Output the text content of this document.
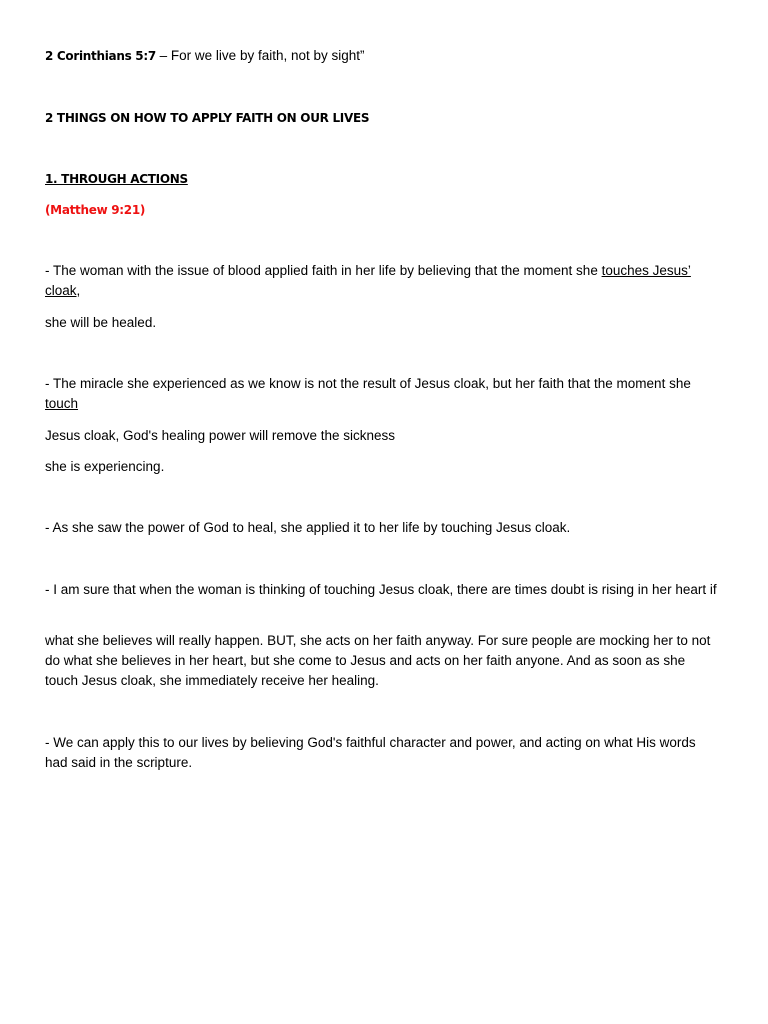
2 Corinthians 5:7 – For we live by faith, not by sight”
2 THINGS ON HOW TO APPLY FAITH ON OUR LIVES
1. THROUGH ACTIONS
(Matthew 9:21)
- The woman with the issue of blood applied faith in her life by believing that the moment she touches Jesus’ cloak,
she will be healed.
- The miracle she experienced as we know is not the result of Jesus cloak, but her faith that the moment she touch
Jesus cloak, God's healing power will remove the sickness
she is experiencing.
- As she saw the power of God to heal, she applied it to her life by touching Jesus cloak.
- I am sure that when the woman is thinking of touching Jesus cloak, there are times doubt is rising in her heart if
what she believes will really happen. BUT, she acts on her faith anyway. For sure people are mocking her to not do what she believes in her heart, but she come to Jesus and acts on her faith anyone. And as soon as she touch Jesus cloak, she immediately receive her healing.
- We can apply this to our lives by believing God's faithful character and power, and acting on what His words had said in the scripture.
